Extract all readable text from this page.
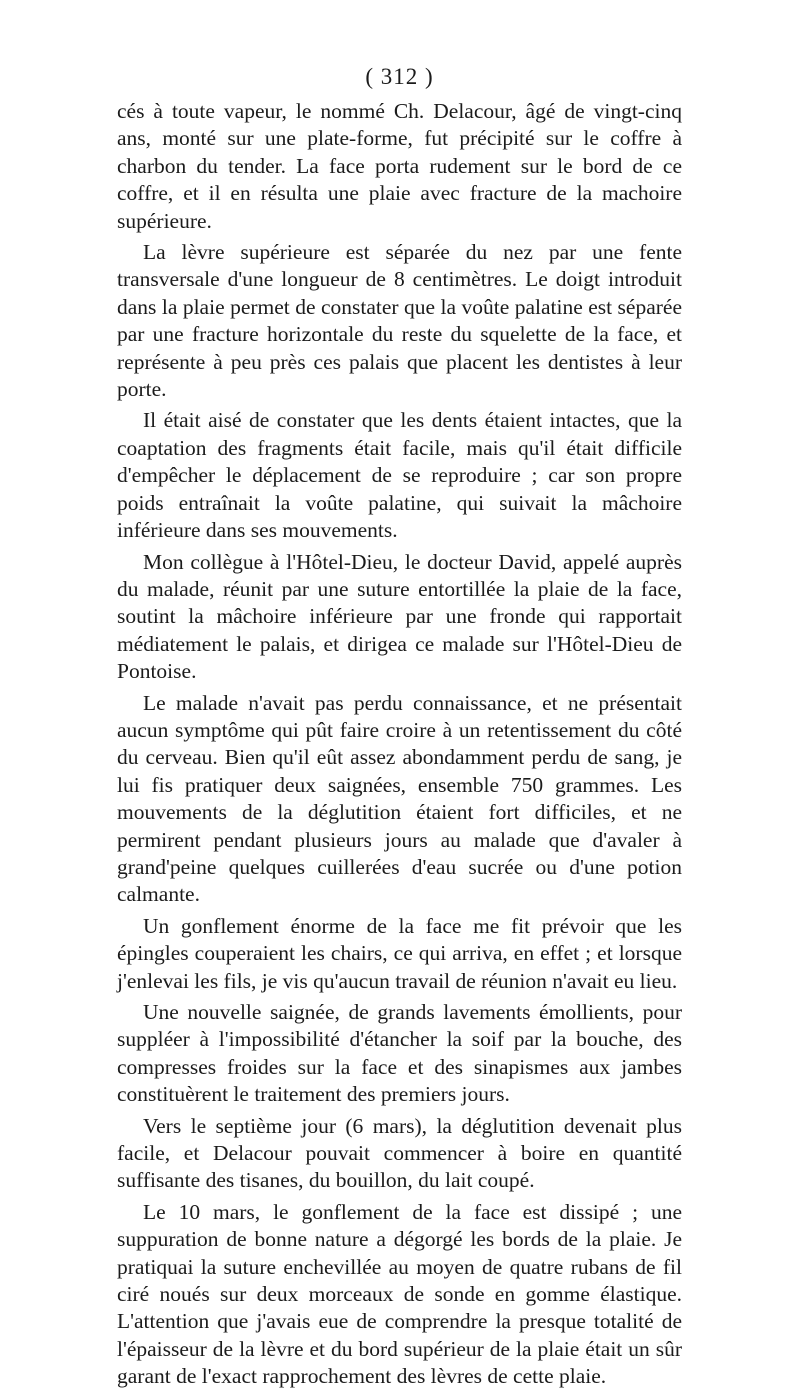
( 312 )

cés à toute vapeur, le nommé Ch. Delacour, âgé de vingt-cinq ans, monté sur une plate-forme, fut précipité sur le coffre à charbon du tender. La face porta rudement sur le bord de ce coffre, et il en résulta une plaie avec fracture de la machoire supérieure.

La lèvre supérieure est séparée du nez par une fente transversale d'une longueur de 8 centimètres. Le doigt introduit dans la plaie permet de constater que la voûte palatine est séparée par une fracture horizontale du reste du squelette de la face, et représente à peu près ces palais que placent les dentistes à leur porte.

Il était aisé de constater que les dents étaient intactes, que la coaptation des fragments était facile, mais qu'il était difficile d'empêcher le déplacement de se reproduire ; car son propre poids entraînait la voûte palatine, qui suivait la mâchoire inférieure dans ses mouvements.

Mon collègue à l'Hôtel-Dieu, le docteur David, appelé auprès du malade, réunit par une suture entortillée la plaie de la face, soutint la mâchoire inférieure par une fronde qui rapportait médiatement le palais, et dirigea ce malade sur l'Hôtel-Dieu de Pontoise.

Le malade n'avait pas perdu connaissance, et ne présentait aucun symptôme qui pût faire croire à un retentissement du côté du cerveau. Bien qu'il eût assez abondamment perdu de sang, je lui fis pratiquer deux saignées, ensemble 750 grammes. Les mouvements de la déglutition étaient fort difficiles, et ne permirent pendant plusieurs jours au malade que d'avaler à grand'peine quelques cuillerées d'eau sucrée ou d'une potion calmante.

Un gonflement énorme de la face me fit prévoir que les épingles couperaient les chairs, ce qui arriva, en effet ; et lorsque j'enlevai les fils, je vis qu'aucun travail de réunion n'avait eu lieu.

Une nouvelle saignée, de grands lavements émollients, pour suppléer à l'impossibilité d'étancher la soif par la bouche, des compresses froides sur la face et des sinapismes aux jambes constituèrent le traitement des premiers jours.

Vers le septième jour (6 mars), la déglutition devenait plus facile, et Delacour pouvait commencer à boire en quantité suffisante des tisanes, du bouillon, du lait coupé.

Le 10 mars, le gonflement de la face est dissipé ; une suppuration de bonne nature a dégorgé les bords de la plaie. Je pratiquai la suture enchevillée au moyen de quatre rubans de fil ciré noués sur deux morceaux de sonde en gomme élastique. L'attention que j'avais eue de comprendre la presque totalité de l'épaisseur de la lèvre et du bord supérieur de la plaie était un sûr garant de l'exact rapprochement des lèvres de cette plaie.
